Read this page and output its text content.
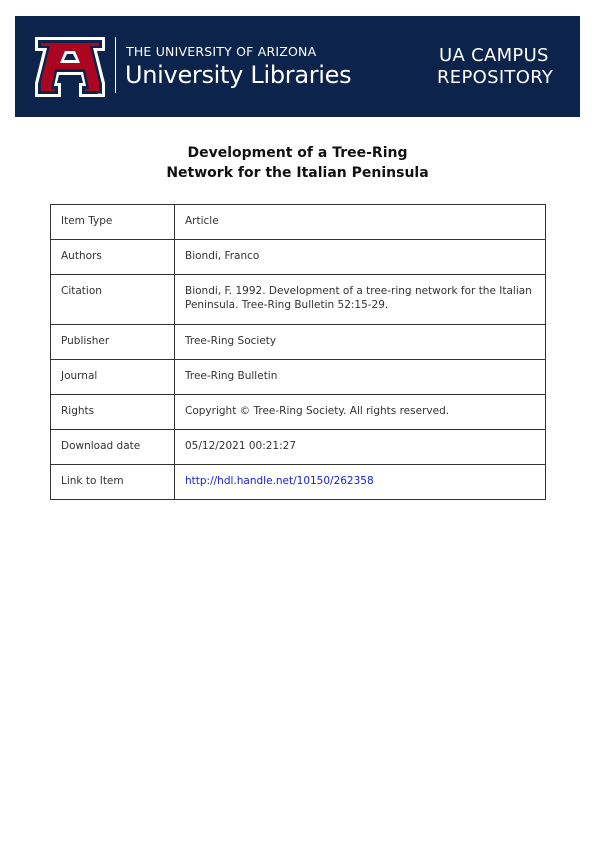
®
THE UNIVERSITY OF ARIZONA
University Libraries
UA CAMPUS
REPOSITORY
Development of a Tree-Ring
Network for the Italian Peninsula
Item Type	Article
Authors	Biondi, Franco
Citation	Biondi, F. 1992. Development of a tree-ring network for the Italian Peninsula. Tree-Ring Bulletin 52:15-29.
Publisher	Tree-Ring Society
Journal	Tree-Ring Bulletin
Rights	Copyright © Tree-Ring Society. All rights reserved.
Download date	05/12/2021 00:21:27
Link to Item	http://hdl.handle.net/10150/262358
